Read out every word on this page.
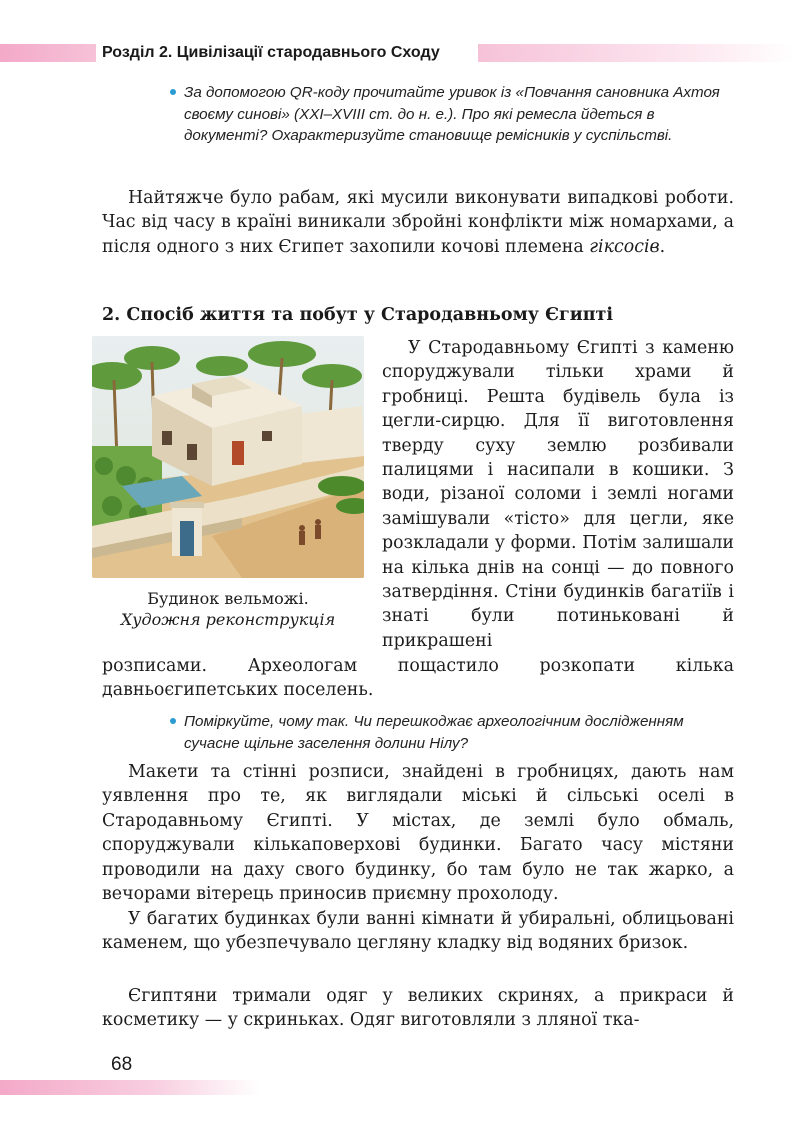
Розділ 2. Цивілізації стародавнього Сходу
За допомогою QR-коду прочитайте уривок із «Повчання сановника Ахтоя своєму синові» (XXI–XVIII ст. до н. е.). Про які ремесла йдеться в документі? Охарактеризуйте становище ремісників у суспільстві.

Найтяжче було рабам, які мусили виконувати випадкові роботи. Час від часу в країні виникали збройні конфлікти між номархами, а після одного з них Єгипет захопили кочові племена гіксосів.

2. Спосіб життя та побут у Стародавньому Єгипті
Будинок вельможі.
Художня реконструкція

У Стародавньому Єгипті з каменю споруджували тільки храми й гробниці. Решта будівель була із цегли-сирцю. Для її виготовлення тверду суху землю розбивали палицями і насипали в кошики. З води, різаної соломи і землі ногами замішували «тісто» для цегли, яке розкладали у форми. Потім залишали на кілька днів на сонці — до повного затвердіння. Стіни будинків багатіїв і знаті були потиньковані й прикрашені

розписами. Археологам пощастило розкопати кілька давньоєгипетських поселень.

Поміркуйте, чому так. Чи перешкоджає археологічним дослідженням сучасне щільне заселення долини Нілу?

Макети та стінні розписи, знайдені в гробницях, дають нам уявлення про те, як виглядали міські й сільські оселі в Стародавньому Єгипті. У містах, де землі було обмаль, споруджували кількаповерхові будинки. Багато часу містяни проводили на даху свого будинку, бо там було не так жарко, а вечорами вітерець приносив приємну прохолоду.

У багатих будинках були ванні кімнати й убиральні, облицьовані каменем, що убезпечувало цегляну кладку від водяних бризок.

Єгиптяни тримали одяг у великих скринях, а прикраси й косметику — у скриньках. Одяг виготовляли з лляної тка-

68
